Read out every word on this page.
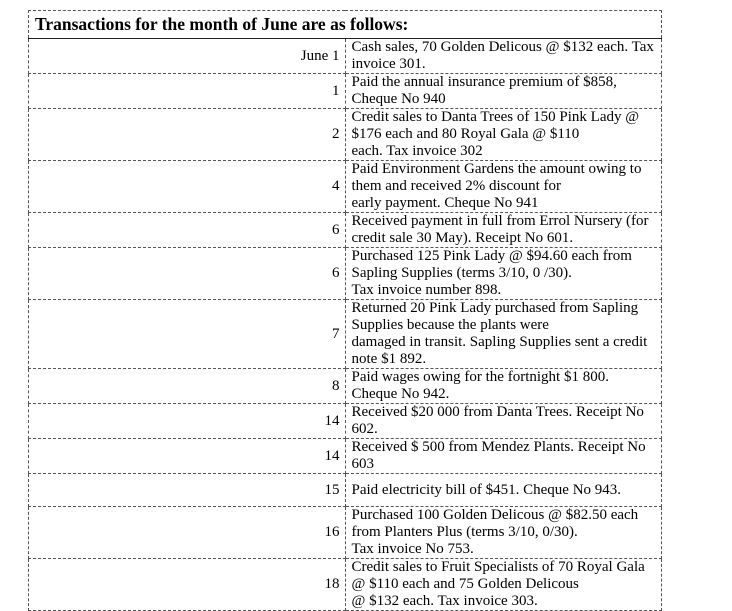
Transactions for the month of June are as follows:	
June 1	Cash sales, 70 Golden Delicous @ $132 each. Tax invoice 301.

1	Paid the annual insurance premium of $858, Cheque No 940

2	Credit sales to Danta Trees of 150 Pink Lady @ $176 each and 80 Royal Gala @ $110
each. Tax invoice 302

4	Paid Environment Gardens the amount owing to them and received 2% discount for
early payment. Cheque No 941

6	Received payment in full from Errol Nursery (for credit sale 30 May). Receipt No 601.

6	Purchased 125 Pink Lady @ $94.60 each from Sapling Supplies (terms 3/10, 0 /30).
Tax invoice number 898.

7	Returned 20 Pink Lady purchased from Sapling Supplies because the plants were
damaged in transit. Sapling Supplies sent a credit note $1 892.

8	Paid wages owing for the fortnight $1 800. Cheque No 942.

14	Received $20 000 from Danta Trees. Receipt No 602.

14	Received $ 500 from Mendez Plants. Receipt No 603

15	Paid electricity bill of $451. Cheque No 943.

16	Purchased 100 Golden Delicous @ $82.50 each from Planters Plus (terms 3/10, 0/30).
Tax invoice No 753.

18	Credit sales to Fruit Specialists of 70 Royal Gala @ $110 each and 75 Golden Delicous
@ $132 each. Tax invoice 303.
